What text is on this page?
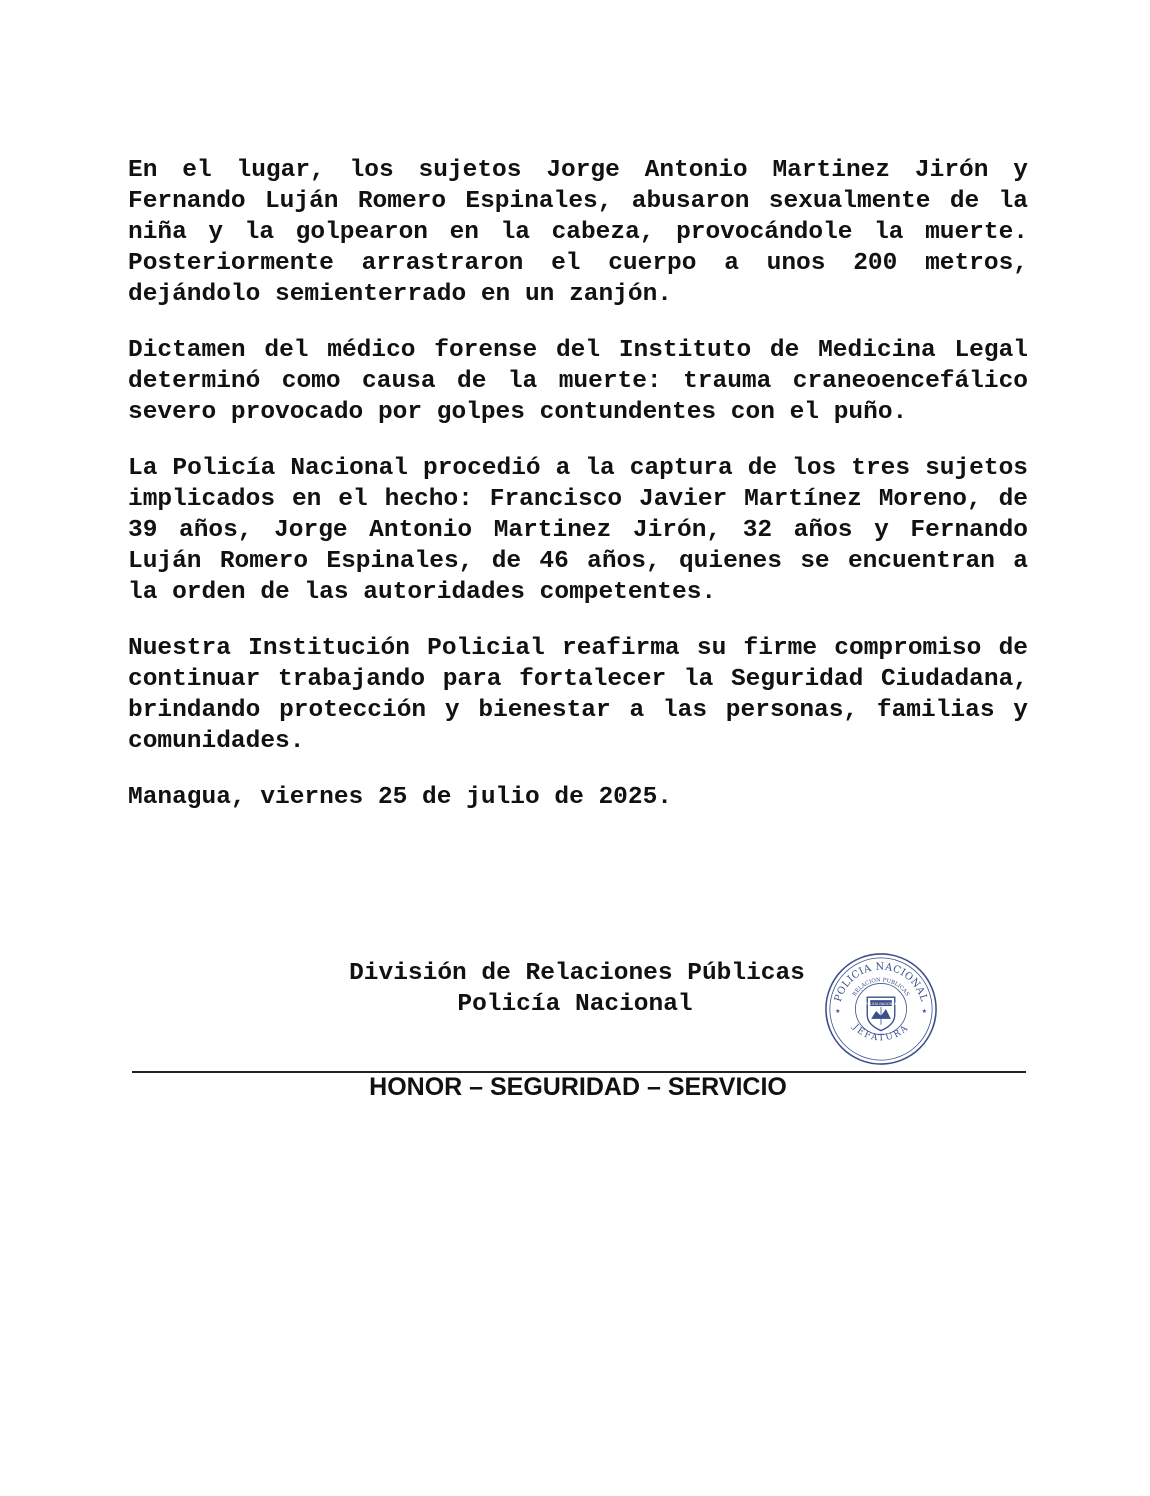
En el lugar, los sujetos Jorge Antonio Martinez Jirón y Fernando Luján Romero Espinales, abusaron sexualmente de la niña y la golpearon en la cabeza, provocándole la muerte. Posteriormente arrastraron el cuerpo a unos 200 metros, dejándolo semienterrado en un zanjón.

Dictamen del médico forense del Instituto de Medicina Legal determinó como causa de la muerte: trauma craneoencefálico severo provocado por golpes contundentes con el puño.

La Policía Nacional procedió a la captura de los tres sujetos implicados en el hecho: Francisco Javier Martínez Moreno, de 39 años, Jorge Antonio Martinez Jirón, 32 años y Fernando Luján Romero Espinales, de 46 años, quienes se encuentran a la orden de las autoridades competentes.

Nuestra Institución Policial reafirma su firme compromiso de continuar trabajando para fortalecer la Seguridad Ciudadana, brindando protección y bienestar a las personas, familias y comunidades.

Managua, viernes 25 de julio de 2025.

División de Relaciones Públicas

Policía Nacional	POLICIA NACIONAL
RELACION PUBLICAS
JEFATURA
POLICIA NACIONAL
★	★
HONOR – SEGURIDAD – SERVICIO
